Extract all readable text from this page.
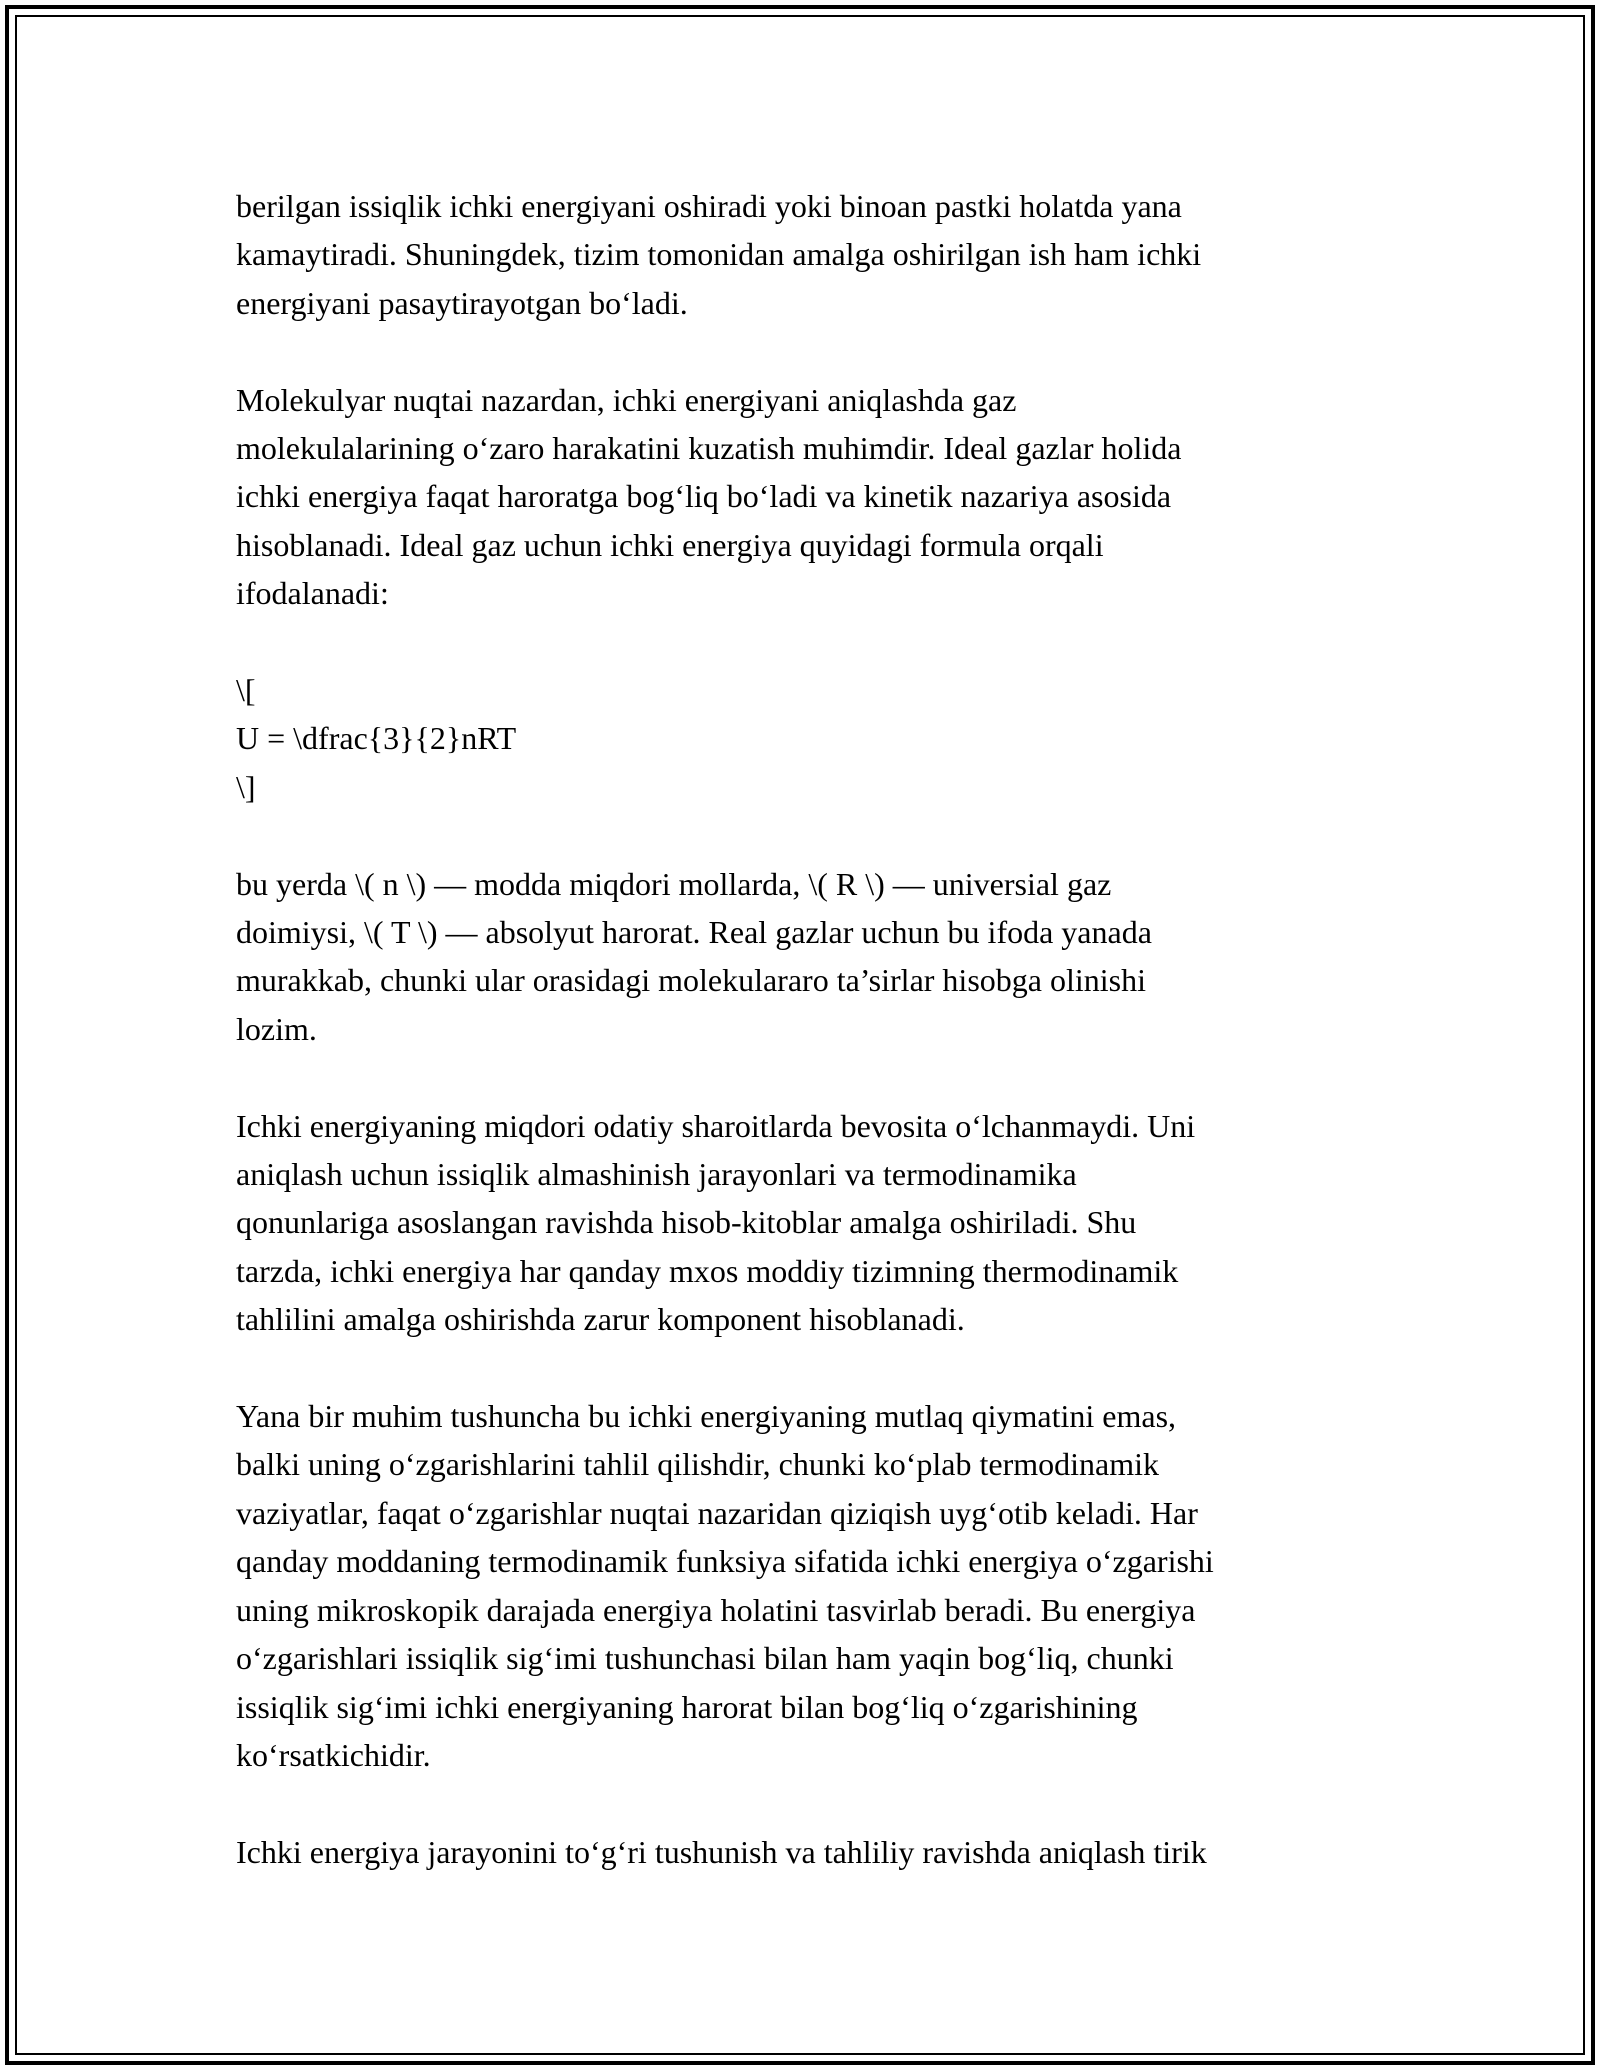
berilgan issiqlik ichki energiyani oshiradi yoki binoan pastki holatda yana
kamaytiradi. Shuningdek, tizim tomonidan amalga oshirilgan ish ham ichki
energiyani pasaytirayotgan bo‘ladi.

Molekulyar nuqtai nazardan, ichki energiyani aniqlashda gaz
molekulalarining o‘zaro harakatini kuzatish muhimdir. Ideal gazlar holida
ichki energiya faqat haroratga bog‘liq bo‘ladi va kinetik nazariya asosida
hisoblanadi. Ideal gaz uchun ichki energiya quyidagi formula orqali
ifodalanadi:

\[
U = \dfrac{3}{2}nRT
\]

bu yerda \( n \) — modda miqdori mollarda, \( R \) — universial gaz
doimiysi, \( T \) — absolyut harorat. Real gazlar uchun bu ifoda yanada
murakkab, chunki ular orasidagi molekulararo ta’sirlar hisobga olinishi
lozim.

Ichki energiyaning miqdori odatiy sharoitlarda bevosita o‘lchanmaydi. Uni
aniqlash uchun issiqlik almashinish jarayonlari va termodinamika
qonunlariga asoslangan ravishda hisob-kitoblar amalga oshiriladi. Shu
tarzda, ichki energiya har qanday mxos moddiy tizimning thermodinamik
tahlilini amalga oshirishda zarur komponent hisoblanadi.

Yana bir muhim tushuncha bu ichki energiyaning mutlaq qiymatini emas,
balki uning o‘zgarishlarini tahlil qilishdir, chunki ko‘plab termodinamik
vaziyatlar, faqat o‘zgarishlar nuqtai nazaridan qiziqish uyg‘otib keladi. Har
qanday moddaning termodinamik funksiya sifatida ichki energiya o‘zgarishi
uning mikroskopik darajada energiya holatini tasvirlab beradi. Bu energiya
o‘zgarishlari issiqlik sig‘imi tushunchasi bilan ham yaqin bog‘liq, chunki
issiqlik sig‘imi ichki energiyaning harorat bilan bog‘liq o‘zgarishining
ko‘rsatkichidir.

Ichki energiya jarayonini to‘g‘ri tushunish va tahliliy ravishda aniqlash tirik
